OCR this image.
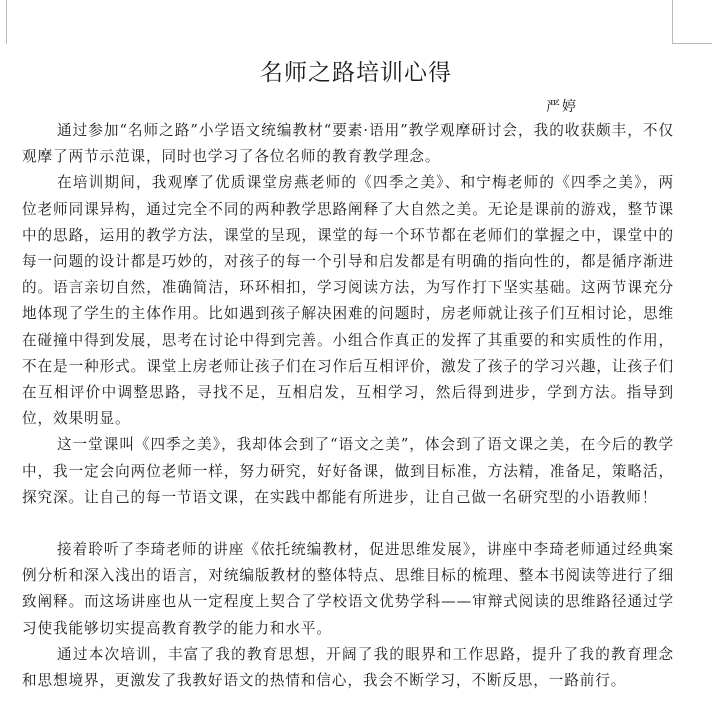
名师之路培训心得
严婷

通过参加“名师之路”小学语文统编教材“要素·语用”教学观摩研讨会，我的收获颇丰，不仅观摩了两节示范课，同时也学习了各位名师的教育教学理念。

在培训期间，我观摩了优质课堂房燕老师的《四季之美》、和宁梅老师的《四季之美》，两位老师同课异构，通过完全不同的两种教学思路阐释了大自然之美。无论是课前的游戏，整节课中的思路，运用的教学方法，课堂的呈现，课堂的每一个环节都在老师们的掌握之中，课堂中的每一问题的设计都是巧妙的，对孩子的每一个引导和启发都是有明确的指向性的，都是循序渐进的。语言亲切自然，准确简洁，环环相扣，学习阅读方法，为写作打下坚实基础。这两节课充分地体现了学生的主体作用。比如遇到孩子解决困难的问题时，房老师就让孩子们互相讨论，思维在碰撞中得到发展，思考在讨论中得到完善。小组合作真正的发挥了其重要的和实质性的作用，不在是一种形式。课堂上房老师让孩子们在习作后互相评价，激发了孩子的学习兴趣，让孩子们在互相评价中调整思路，寻找不足，互相启发，互相学习，然后得到进步，学到方法。指导到位，效果明显。

这一堂课叫《四季之美》，我却体会到了“语文之美”，体会到了语文课之美，在今后的教学中，我一定会向两位老师一样，努力研究，好好备课，做到目标准，方法精，准备足，策略活，探究深。让自己的每一节语文课，在实践中都能有所进步，让自己做一名研究型的小语教师！

接着聆听了李琦老师的讲座《依托统编教材，促进思维发展》，讲座中李琦老师通过经典案例分析和深入浅出的语言，对统编版教材的整体特点、思维目标的梳理、整本书阅读等进行了细致阐释。而这场讲座也从一定程度上契合了学校语文优势学科——审辩式阅读的思维路径通过学习使我能够切实提高教育教学的能力和水平。

通过本次培训，丰富了我的教育思想，开阔了我的眼界和工作思路，提升了我的教育理念和思想境界，更激发了我教好语文的热情和信心，我会不断学习，不断反思，一路前行。
